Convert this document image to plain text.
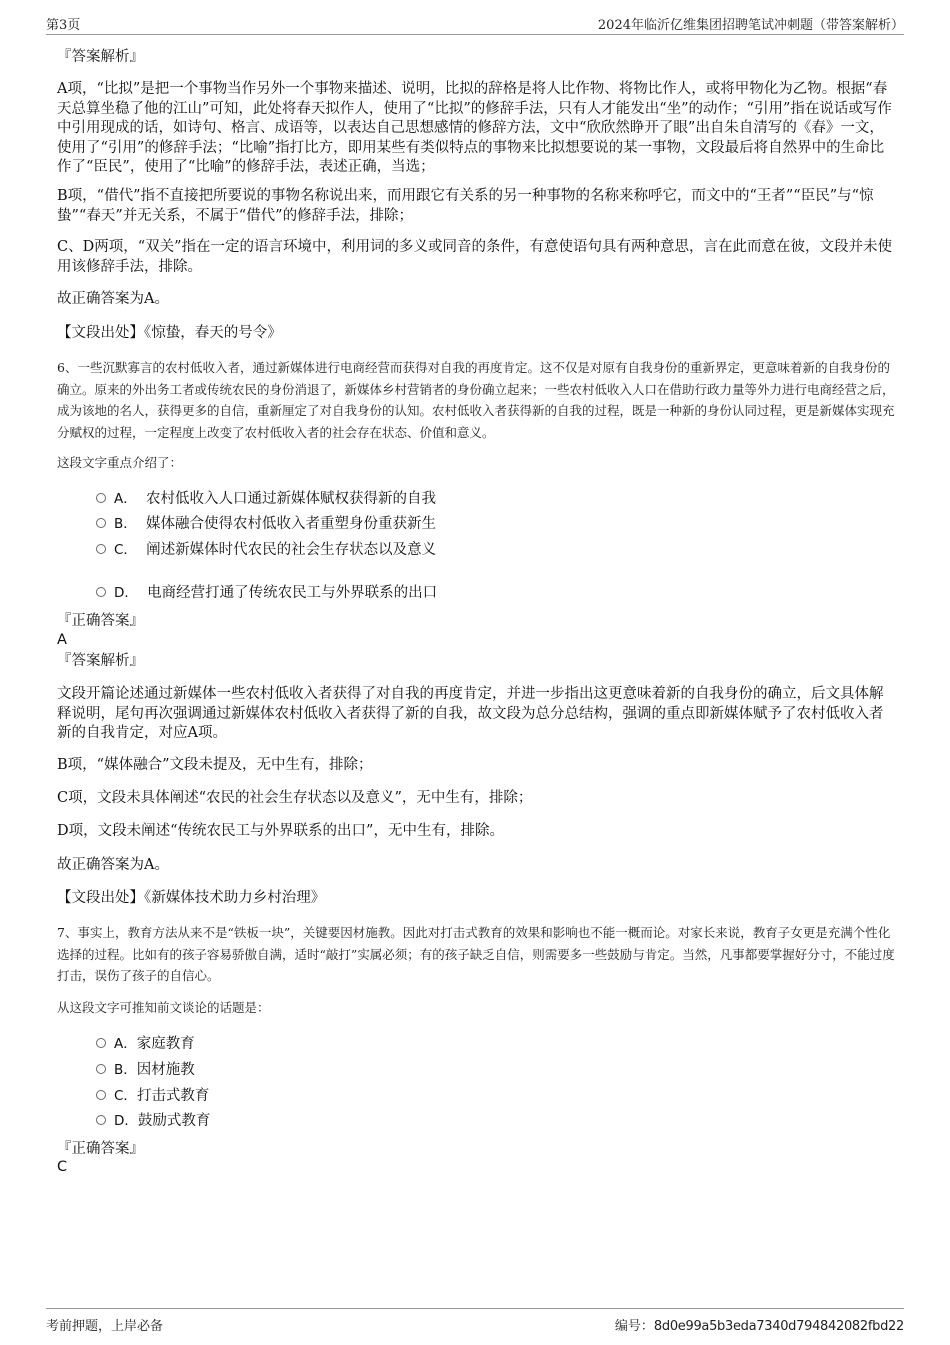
第3页	2024年临沂亿维集团招聘笔试冲刺题（带答案解析）
『答案解析』
A项，“比拟”是把一个事物当作另外一个事物来描述、说明，比拟的辞格是将人比作物、将物比作人，或将甲物化为乙物。根据“春天总算坐稳了他的江山”可知，此处将春天拟作人，使用了“比拟”的修辞手法，只有人才能发出“坐”的动作；“引用”指在说话或写作中引用现成的话，如诗句、格言、成语等，以表达自己思想感情的修辞方法，文中“欣欣然睁开了眼”出自朱自清写的《春》一文，使用了“引用”的修辞手法；“比喻”指打比方，即用某些有类似特点的事物来比拟想要说的某一事物，文段最后将自然界中的生命比作了“臣民”，使用了“比喻”的修辞手法，表述正确，当选；
B项，“借代”指不直接把所要说的事物名称说出来，而用跟它有关系的另一种事物的名称来称呼它，而文中的“王者”“臣民”与“惊蛰”“春天”并无关系，不属于“借代”的修辞手法，排除；
C、D两项，“双关”指在一定的语言环境中，利用词的多义或同音的条件，有意使语句具有两种意思，言在此而意在彼，文段并未使用该修辞手法，排除。
故正确答案为A。
【文段出处】《惊蛰，春天的号令》
6、一些沉默寡言的农村低收入者，通过新媒体进行电商经营而获得对自我的再度肯定。这不仅是对原有自我身份的重新界定，更意味着新的自我身份的确立。原来的外出务工者或传统农民的身份消退了，新媒体乡村营销者的身份确立起来；一些农村低收入人口在借助行政力量等外力进行电商经营之后，成为该地的名人，获得更多的自信，重新厘定了对自我身份的认知。农村低收入者获得新的自我的过程，既是一种新的身份认同过程，更是新媒体实现充分赋权的过程，一定程度上改变了农村低收入者的社会存在状态、价值和意义。
这段文字重点介绍了：
A． 农村低收入人口通过新媒体赋权获得新的自我
B． 媒体融合使得农村低收入者重塑身份重获新生
C． 阐述新媒体时代农民的社会生存状态以及意义
D． 电商经营打通了传统农民工与外界联系的出口
『正确答案』
A
『答案解析』
文段开篇论述通过新媒体一些农村低收入者获得了对自我的再度肯定，并进一步指出这更意味着新的自我身份的确立，后文具体解释说明，尾句再次强调通过新媒体农村低收入者获得了新的自我，故文段为总分总结构，强调的重点即新媒体赋予了农村低收入者新的自我肯定，对应A项。
B项，“媒体融合”文段未提及，无中生有，排除；
C项，文段未具体阐述“农民的社会生存状态以及意义”，无中生有，排除；
D项，文段未阐述“传统农民工与外界联系的出口”，无中生有，排除。
故正确答案为A。
【文段出处】《新媒体技术助力乡村治理》
7、事实上，教育方法从来不是“铁板一块”，关键要因材施教。因此对打击式教育的效果和影响也不能一概而论。对家长来说，教育子女更是充满个性化选择的过程。比如有的孩子容易骄傲自满，适时“敲打”实属必须；有的孩子缺乏自信，则需要多一些鼓励与肯定。当然，凡事都要掌握好分寸，不能过度打击，误伤了孩子的自信心。
从这段文字可推知前文谈论的话题是：
A．家庭教育
B．因材施教
C．打击式教育
D．鼓励式教育
『正确答案』
C
考前押题，上岸必备	编号：8d0e99a5b3eda7340d794842082fbd22
